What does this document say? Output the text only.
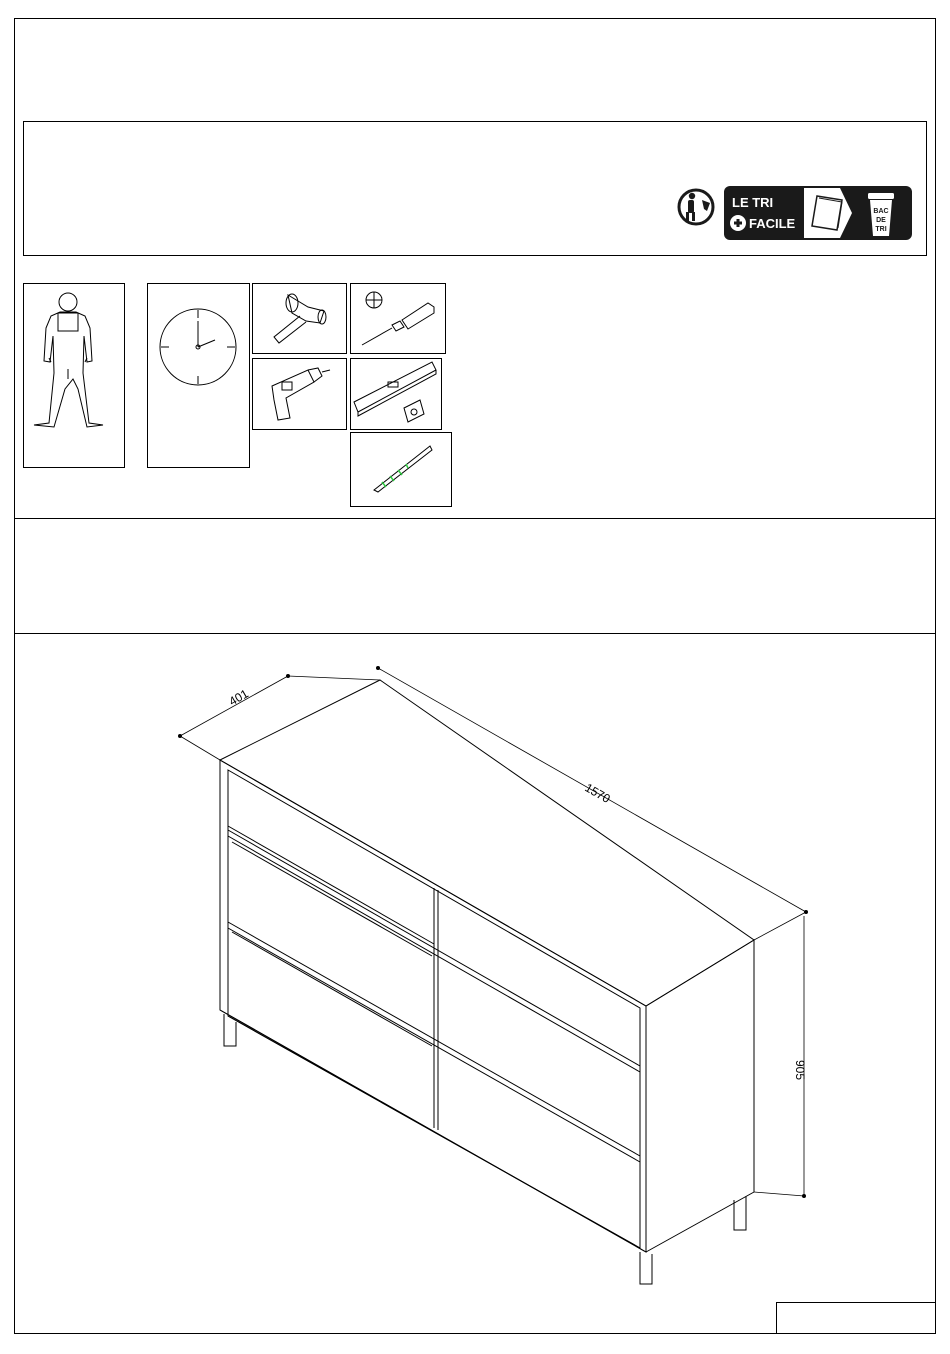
LE TRI
FACILE
BAC
DE
TRI
401
1570
905
